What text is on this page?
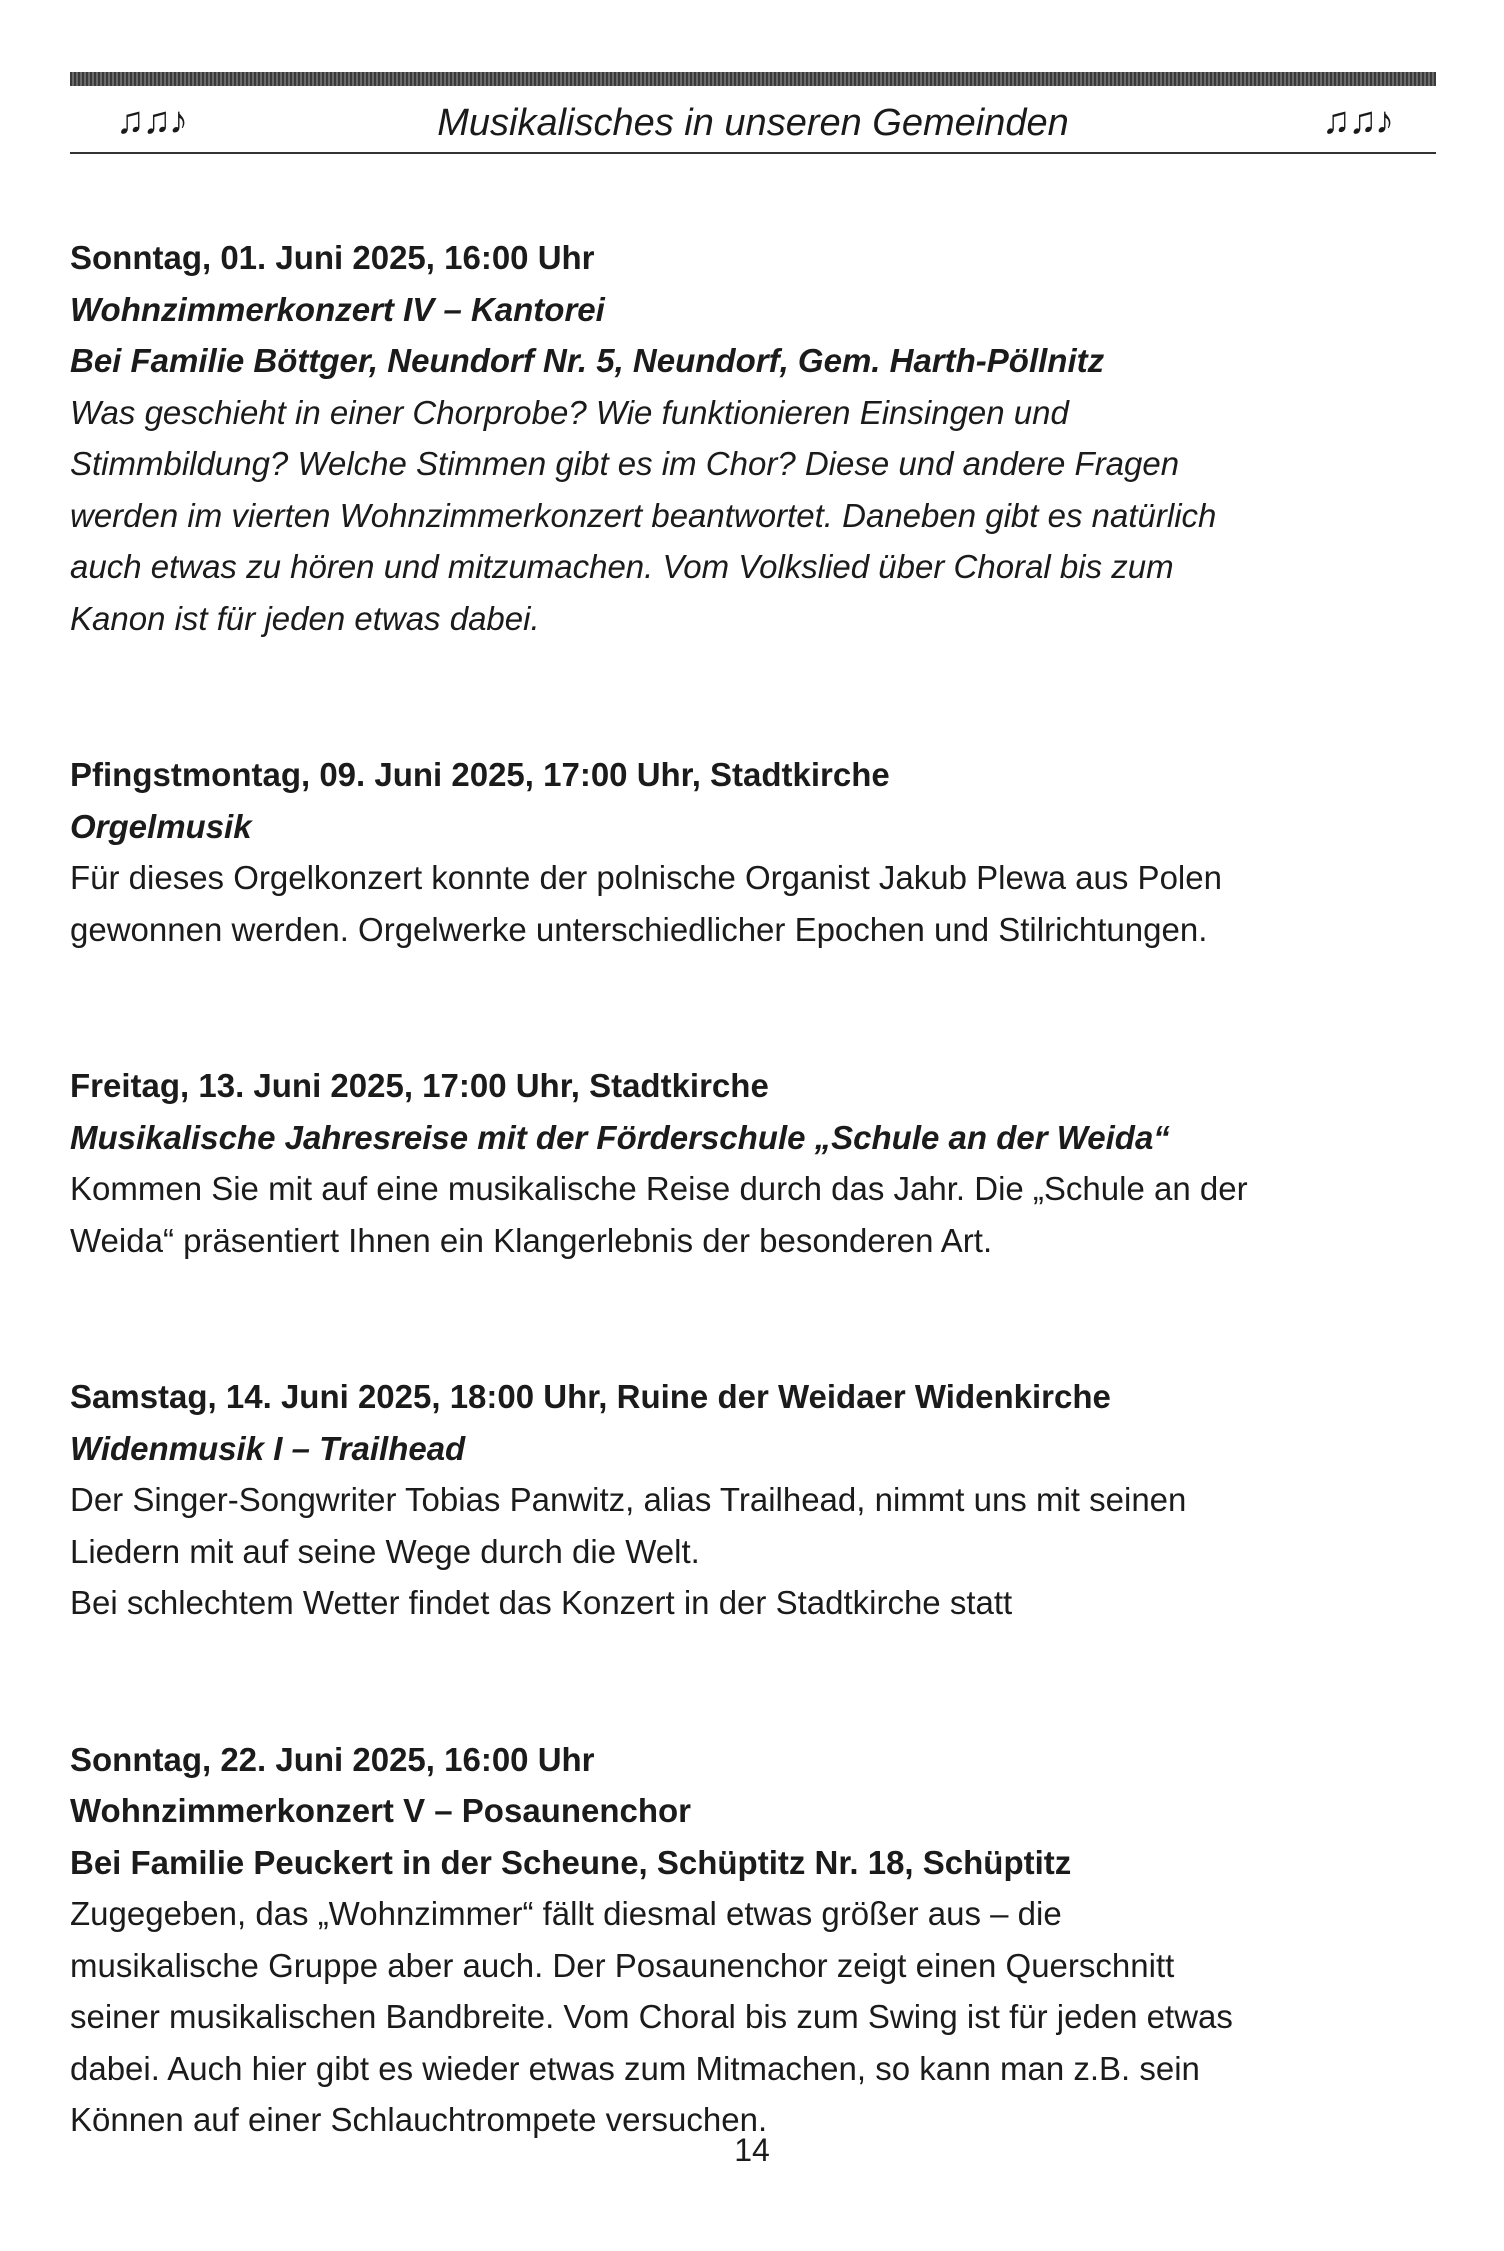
♫♫♪	Musikalisches in unseren Gemeinden	♫♫♪
Sonntag, 01. Juni 2025, 16:00 Uhr
Wohnzimmerkonzert IV – Kantorei
Bei Familie Böttger, Neundorf Nr. 5, Neundorf, Gem. Harth-Pöllnitz
Was geschieht in einer Chorprobe? Wie funktionieren Einsingen und
Stimmbildung? Welche Stimmen gibt es im Chor? Diese und andere Fragen
werden im vierten Wohnzimmerkonzert beantwortet. Daneben gibt es natürlich
auch etwas zu hören und mitzumachen. Vom Volkslied über Choral bis zum
Kanon ist für jeden etwas dabei.
Pfingstmontag, 09. Juni 2025, 17:00 Uhr, Stadtkirche
Orgelmusik
Für dieses Orgelkonzert konnte der polnische Organist Jakub Plewa aus Polen
gewonnen werden. Orgelwerke unterschiedlicher Epochen und Stilrichtungen.
Freitag, 13. Juni 2025, 17:00 Uhr, Stadtkirche
Musikalische Jahresreise mit der Förderschule „Schule an der Weida“
Kommen Sie mit auf eine musikalische Reise durch das Jahr. Die „Schule an der
Weida“ präsentiert Ihnen ein Klangerlebnis der besonderen Art.
Samstag, 14. Juni 2025, 18:00 Uhr, Ruine der Weidaer Widenkirche
Widenmusik I – Trailhead
Der Singer-Songwriter Tobias Panwitz, alias Trailhead, nimmt uns mit seinen
Liedern mit auf seine Wege durch die Welt.
Bei schlechtem Wetter findet das Konzert in der Stadtkirche statt
Sonntag, 22. Juni 2025, 16:00 Uhr
Wohnzimmerkonzert V – Posaunenchor
Bei Familie Peuckert in der Scheune, Schüptitz Nr. 18, Schüptitz
Zugegeben, das „Wohnzimmer“ fällt diesmal etwas größer aus – die
musikalische Gruppe aber auch. Der Posaunenchor zeigt einen Querschnitt
seiner musikalischen Bandbreite. Vom Choral bis zum Swing ist für jeden etwas
dabei. Auch hier gibt es wieder etwas zum Mitmachen, so kann man z.B. sein
Können auf einer Schlauchtrompete versuchen.
14
